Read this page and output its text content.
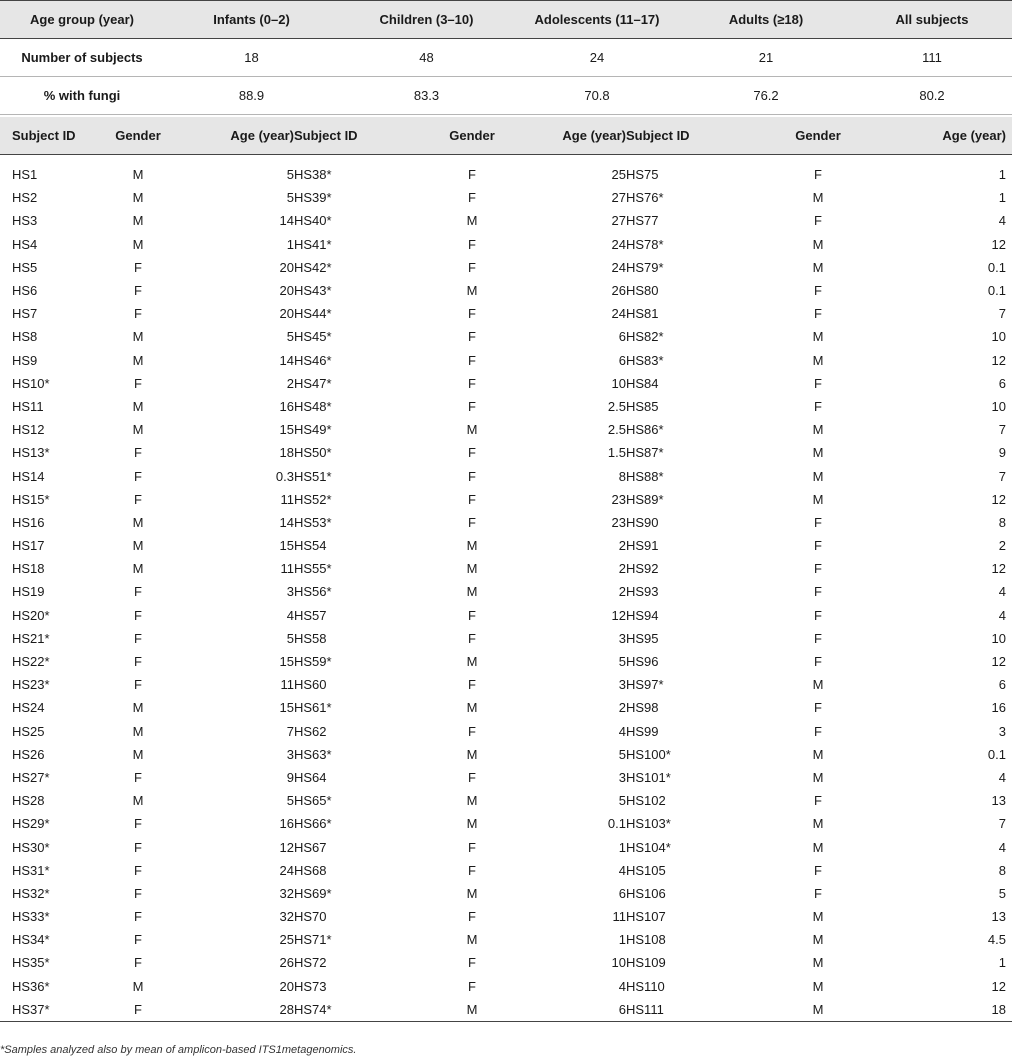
Age group (year)	Infants (0–2)	Children (3–10)	Adolescents (11–17)	Adults (≥18)	All subjects
Number of subjects	18	48	24	21	111
% with fungi	88.9	83.3	70.8	76.2	80.2
Subject ID	Gender	Age (year)	Subject ID	Gender	Age (year)	Subject ID	Gender	Age (year)
HS1	M	5	HS38*	F	25	HS75	F	1
HS2	M	5	HS39*	F	27	HS76*	M	1
HS3	M	14	HS40*	M	27	HS77	F	4
HS4	M	1	HS41*	F	24	HS78*	M	12
HS5	F	20	HS42*	F	24	HS79*	M	0.1
HS6	F	20	HS43*	M	26	HS80	F	0.1
HS7	F	20	HS44*	F	24	HS81	F	7
HS8	M	5	HS45*	F	6	HS82*	M	10
HS9	M	14	HS46*	F	6	HS83*	M	12
HS10*	F	2	HS47*	F	10	HS84	F	6
HS11	M	16	HS48*	F	2.5	HS85	F	10
HS12	M	15	HS49*	M	2.5	HS86*	M	7
HS13*	F	18	HS50*	F	1.5	HS87*	M	9
HS14	F	0.3	HS51*	F	8	HS88*	M	7
HS15*	F	11	HS52*	F	23	HS89*	M	12
HS16	M	14	HS53*	F	23	HS90	F	8
HS17	M	15	HS54	M	2	HS91	F	2
HS18	M	11	HS55*	M	2	HS92	F	12
HS19	F	3	HS56*	M	2	HS93	F	4
HS20*	F	4	HS57	F	12	HS94	F	4
HS21*	F	5	HS58	F	3	HS95	F	10
HS22*	F	15	HS59*	M	5	HS96	F	12
HS23*	F	11	HS60	F	3	HS97*	M	6
HS24	M	15	HS61*	M	2	HS98	F	16
HS25	M	7	HS62	F	4	HS99	F	3
HS26	M	3	HS63*	M	5	HS100*	M	0.1
HS27*	F	9	HS64	F	3	HS101*	M	4
HS28	M	5	HS65*	M	5	HS102	F	13
HS29*	F	16	HS66*	M	0.1	HS103*	M	7
HS30*	F	12	HS67	F	1	HS104*	M	4
HS31*	F	24	HS68	F	4	HS105	F	8
HS32*	F	32	HS69*	M	6	HS106	F	5
HS33*	F	32	HS70	F	11	HS107	M	13
HS34*	F	25	HS71*	M	1	HS108	M	4.5
HS35*	F	26	HS72	F	10	HS109	M	1
HS36*	M	20	HS73	F	4	HS110	M	12
HS37*	F	28	HS74*	M	6	HS111	M	18
*Samples analyzed also by mean of amplicon-based ITS1metagenomics.
